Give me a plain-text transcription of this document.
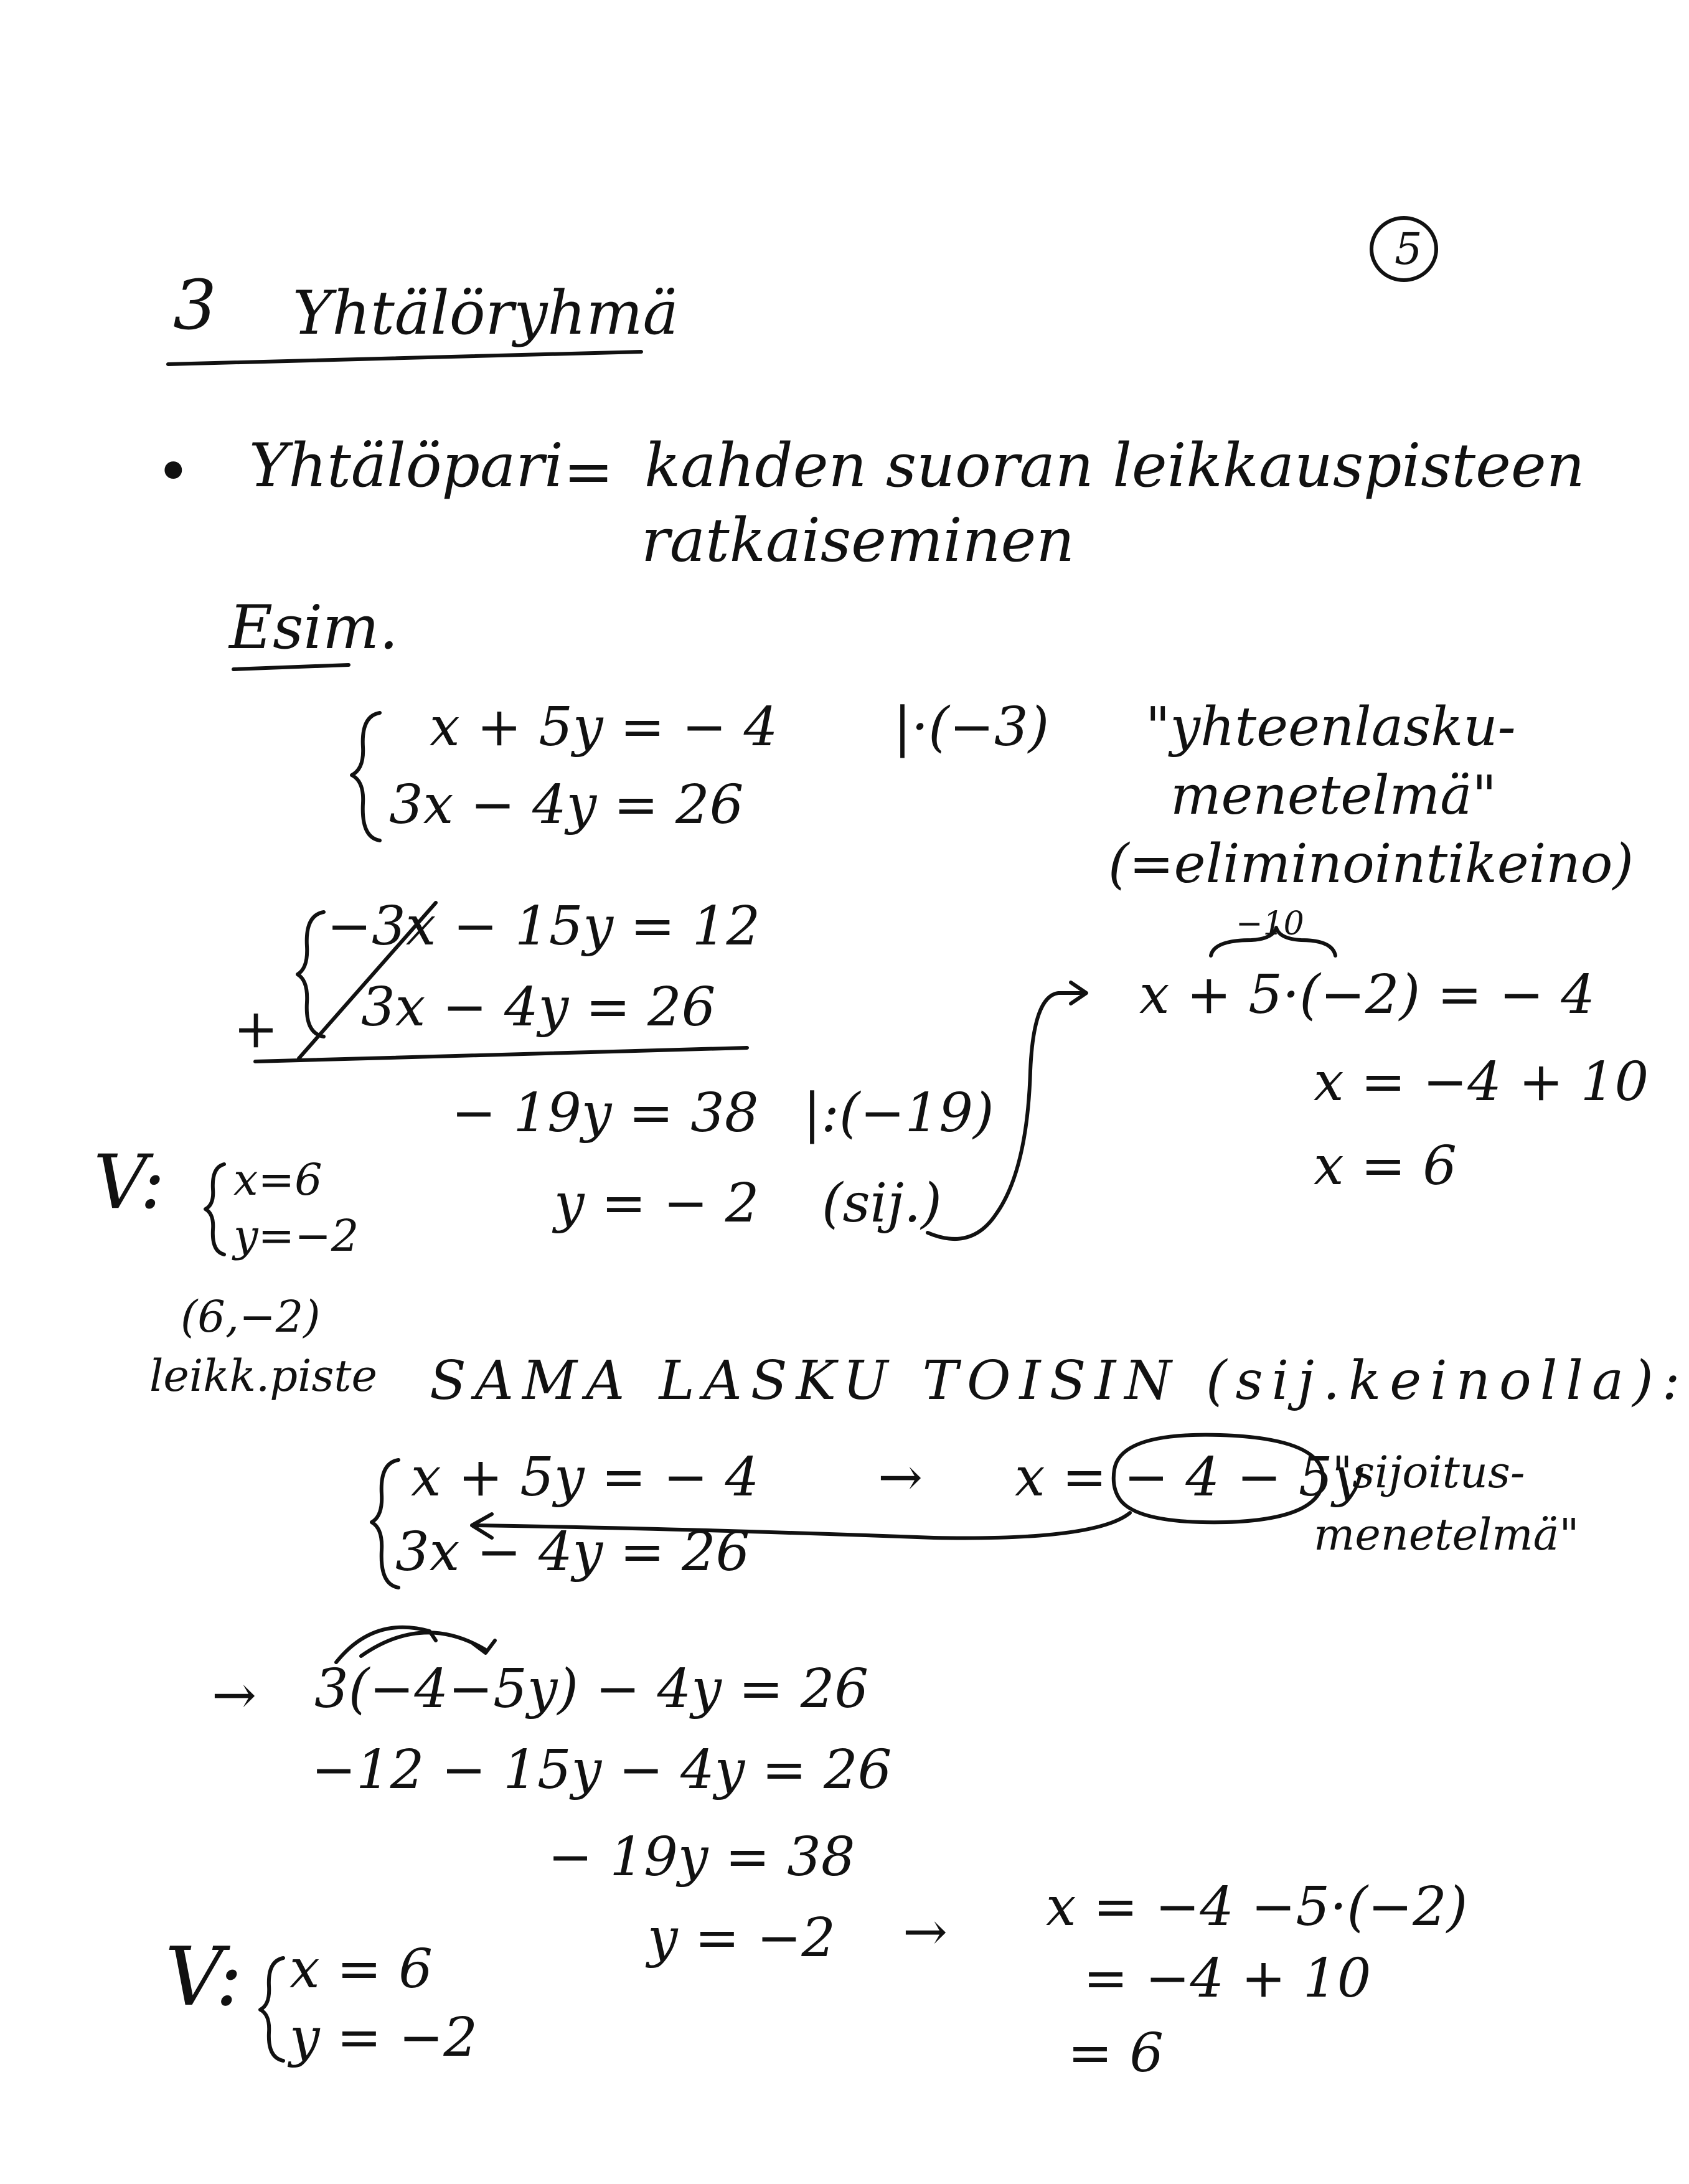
5
3 Yhtälöryhmä
• Yhtälöpari = kahden suoran leikkauspisteen
ratkaiseminen
Esim.
x + 5y = − 4
3x − 4y = 26
|·(−3) "yhteenlasku-
menetelmä"
(=eliminointikeino)
−3x − 15y = 12
3x − 4y = 26
+
− 19y = 38 |:(−19)
y = − 2 (sij.)
−10
x + 5·(−2) = − 4
x = −4 + 10
x = 6
V: x=6
y=−2
(6,−2)
leikk.piste SAMA LASKU TOISIN (sij.keinolla):
x + 5y = − 4
3x − 4y = 26
→ x = − 4 − 5y
"sijoitus-
menetelmä"
→ 3(−4−5y) − 4y = 26
−12 − 15y − 4y = 26
− 19y = 38
y = −2 → x = −4 −5·(−2)
= −4 + 10
= 6
V: x = 6
y = −2
